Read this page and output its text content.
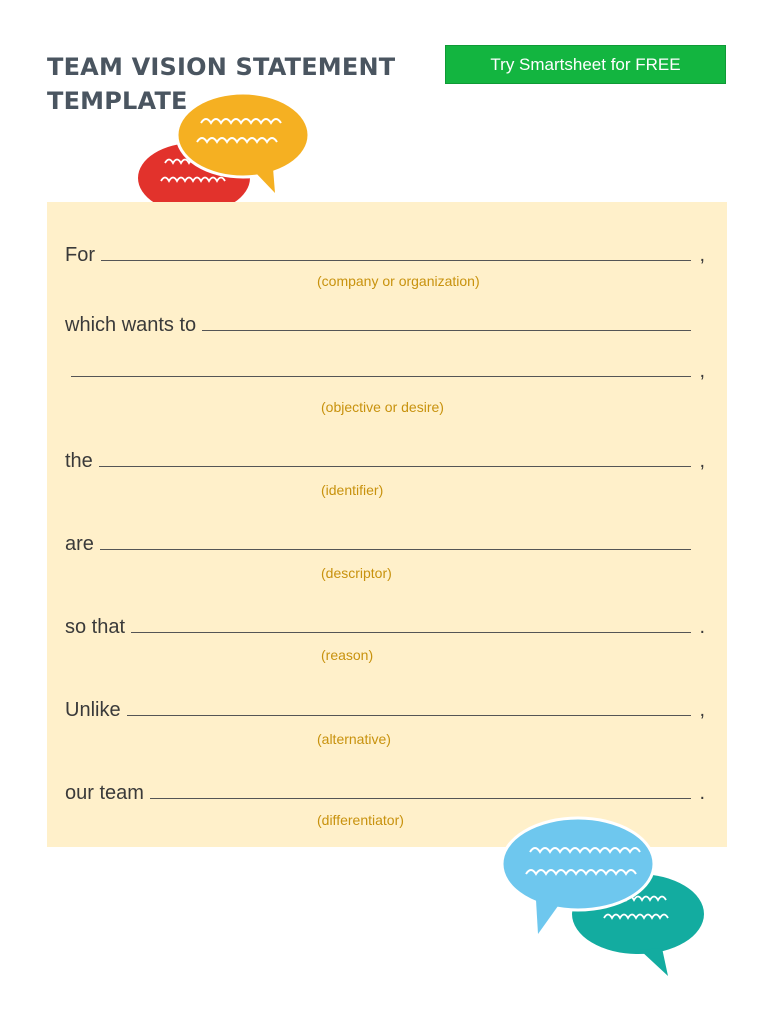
TEAM VISION STATEMENT TEMPLATE
Try Smartsheet for FREE
For	,
(company or organization)
which wants to
,
(objective or desire)
the	,
(identifier)
are
(descriptor)
so that	.
(reason)
Unlike	,
(alternative)
our team	.
(differentiator)
